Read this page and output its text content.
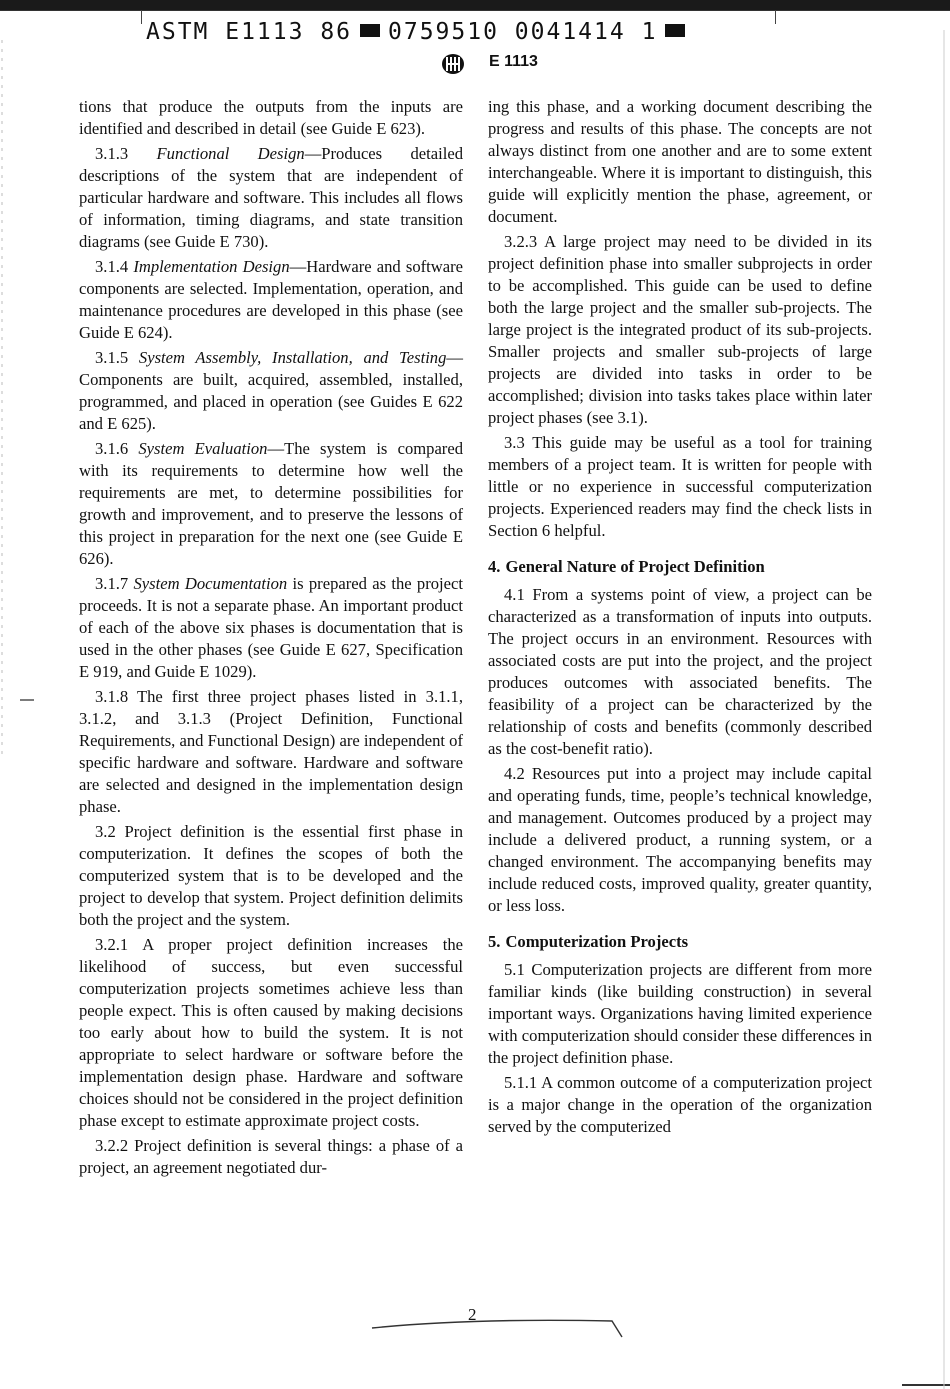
ASTM E1113 86 0759510 0041414 1
E 1113

tions that produce the outputs from the inputs are identified and described in detail (see Guide E 623).

3.1.3 Functional Design—Produces detailed descriptions of the system that are independent of particular hardware and software. This includes all flows of information, timing diagrams, and state transition diagrams (see Guide E 730).

3.1.4 Implementation Design—Hardware and software components are selected. Implementation, operation, and maintenance procedures are developed in this phase (see Guide E 624).

3.1.5 System Assembly, Installation, and Testing—Components are built, acquired, assembled, installed, programmed, and placed in operation (see Guides E 622 and E 625).

3.1.6 System Evaluation—The system is compared with its requirements to determine how well the requirements are met, to determine possibilities for growth and improvement, and to preserve the lessons of this project in preparation for the next one (see Guide E 626).

3.1.7 System Documentation is prepared as the project proceeds. It is not a separate phase. An important product of each of the above six phases is documentation that is used in the other phases (see Guide E 627, Specification E 919, and Guide E 1029).

3.1.8 The first three project phases listed in 3.1.1, 3.1.2, and 3.1.3 (Project Definition, Functional Requirements, and Functional Design) are independent of specific hardware and software. Hardware and software are selected and designed in the implementation design phase.

3.2 Project definition is the essential first phase in computerization. It defines the scopes of both the computerized system that is to be developed and the project to develop that system. Project definition delimits both the project and the system.

3.2.1 A proper project definition increases the likelihood of success, but even successful computerization projects sometimes achieve less than people expect. This is often caused by making decisions too early about how to build the system. It is not appropriate to select hardware or software before the implementation design phase. Hardware and software choices should not be considered in the project definition phase except to estimate approximate project costs.

3.2.2 Project definition is several things: a phase of a project, an agreement negotiated dur-

ing this phase, and a working document describing the progress and results of this phase. The concepts are not always distinct from one another and are to some extent interchangeable. Where it is important to distinguish, this guide will explicitly mention the phase, agreement, or document.

3.2.3 A large project may need to be divided in its project definition phase into smaller subprojects in order to be accomplished. This guide can be used to define both the large project and the smaller sub-projects. The large project is the integrated product of its sub-projects. Smaller projects and smaller sub-projects of large projects are divided into tasks in order to be accomplished; division into tasks takes place within later project phases (see 3.1).

3.3 This guide may be useful as a tool for training members of a project team. It is written for people with little or no experience in successful computerization projects. Experienced readers may find the check lists in Section 6 helpful.

4. General Nature of Project Definition

4.1 From a systems point of view, a project can be characterized as a transformation of inputs into outputs. The project occurs in an environment. Resources with associated costs are put into the project, and the project produces outcomes with associated benefits. The feasibility of a project can be characterized by the relationship of costs and benefits (commonly described as the cost-benefit ratio).

4.2 Resources put into a project may include capital and operating funds, time, people’s technical knowledge, and management. Outcomes produced by a project may include a delivered product, a running system, or a changed environment. The accompanying benefits may include reduced costs, improved quality, greater quantity, or less loss.

5. Computerization Projects

5.1 Computerization projects are different from more familiar kinds (like building construction) in several important ways. Organizations having limited experience with computerization should consider these differences in the project definition phase.

5.1.1 A common outcome of a computerization project is a major change in the operation of the organization served by the computerized

2
